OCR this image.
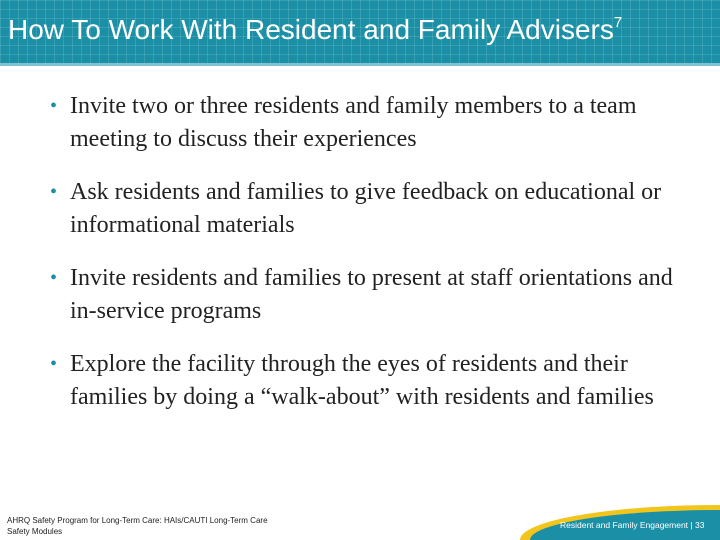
How To Work With Resident and Family Advisers$^7$
• Invite two or three residents and family members to a team meeting to discuss their experiences
• Ask residents and families to give feedback on educational or informational materials
• Invite residents and families to present at staff orientations and in-service programs
• Explore the facility through the eyes of residents and their families by doing a “walk-about” with residents and families
AHRQ Safety Program for Long-Term Care: HAIs/CAUTI Long-Term Care Safety Modules
Resident and Family Engagement | 33
